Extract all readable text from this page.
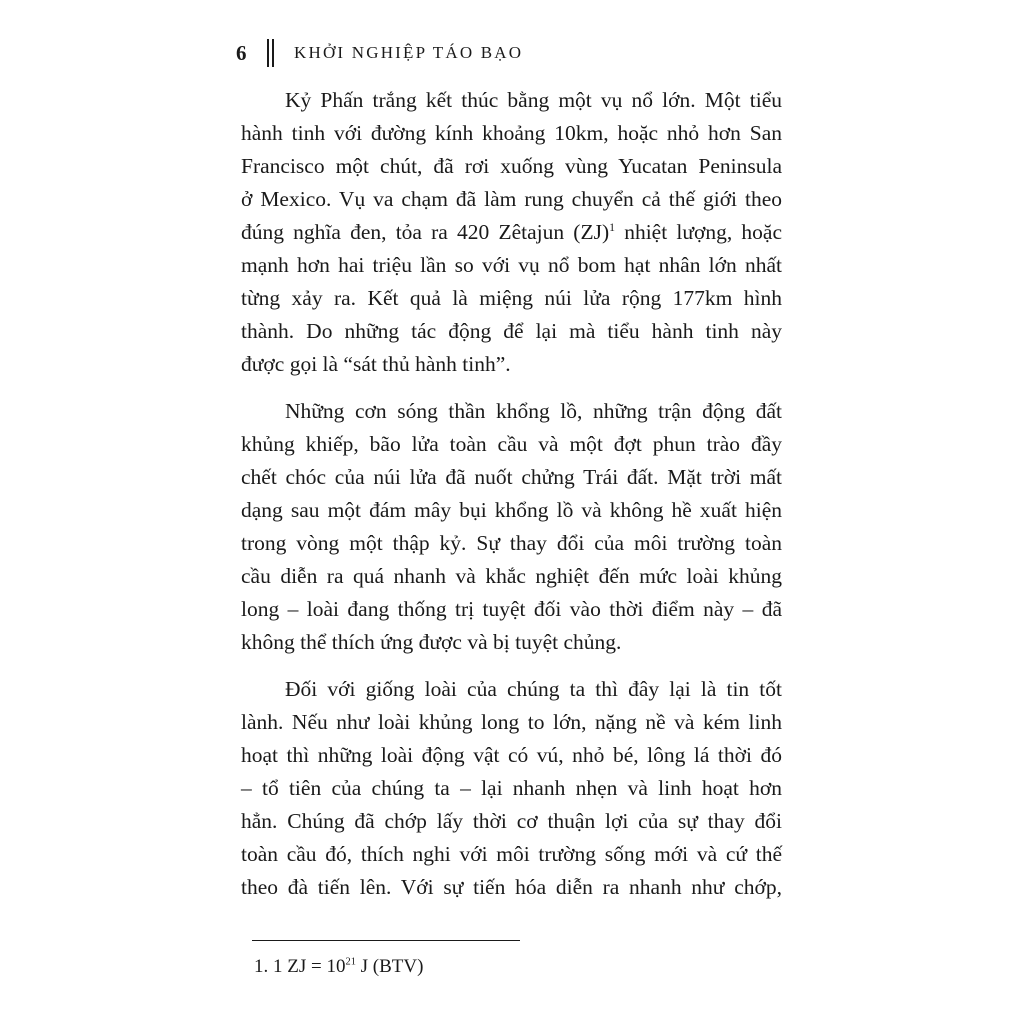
6	KHỞI NGHIỆP TÁO BẠO
Kỷ Phấn trắng kết thúc bằng một vụ nổ lớn. Một tiểu
hành tinh với đường kính khoảng 10km, hoặc nhỏ hơn San
Francisco một chút, đã rơi xuống vùng Yucatan Peninsula
ở Mexico. Vụ va chạm đã làm rung chuyển cả thế giới theo
đúng nghĩa đen, tỏa ra 420 Zêtajun (ZJ)$^1$ nhiệt lượng, hoặc
mạnh hơn hai triệu lần so với vụ nổ bom hạt nhân lớn nhất
từng xảy ra. Kết quả là miệng núi lửa rộng 177km hình
thành. Do những tác động để lại mà tiểu hành tinh này
được gọi là “sát thủ hành tinh”.
Những cơn sóng thần khổng lồ, những trận động đất
khủng khiếp, bão lửa toàn cầu và một đợt phun trào đầy
chết chóc của núi lửa đã nuốt chửng Trái đất. Mặt trời mất
dạng sau một đám mây bụi khổng lồ và không hề xuất hiện
trong vòng một thập kỷ. Sự thay đổi của môi trường toàn
cầu diễn ra quá nhanh và khắc nghiệt đến mức loài khủng
long – loài đang thống trị tuyệt đối vào thời điểm này – đã
không thể thích ứng được và bị tuyệt chủng.
Đối với giống loài của chúng ta thì đây lại là tin tốt
lành. Nếu như loài khủng long to lớn, nặng nề và kém linh
hoạt thì những loài động vật có vú, nhỏ bé, lông lá thời đó
– tổ tiên của chúng ta – lại nhanh nhẹn và linh hoạt hơn
hẳn. Chúng đã chớp lấy thời cơ thuận lợi của sự thay đổi
toàn cầu đó, thích nghi với môi trường sống mới và cứ thế
theo đà tiến lên. Với sự tiến hóa diễn ra nhanh như chớp,
1. 1 ZJ = $10^{21}$ J (BTV)
